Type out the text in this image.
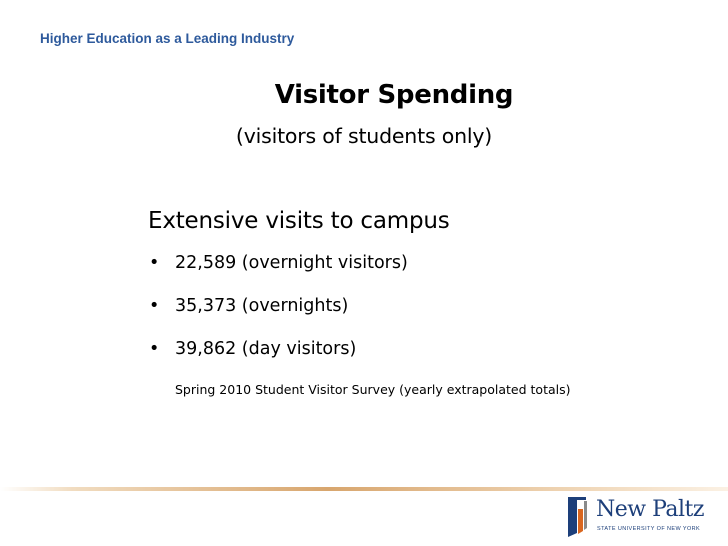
Higher Education as a Leading Industry
Visitor Spending
(visitors of students only)
Extensive visits to campus
• 22,589 (overnight visitors)
• 35,373 (overnights)
• 39,862 (day visitors)
Spring 2010 Student Visitor Survey (yearly extrapolated totals)
New Paltz
STATE UNIVERSITY OF NEW YORK
